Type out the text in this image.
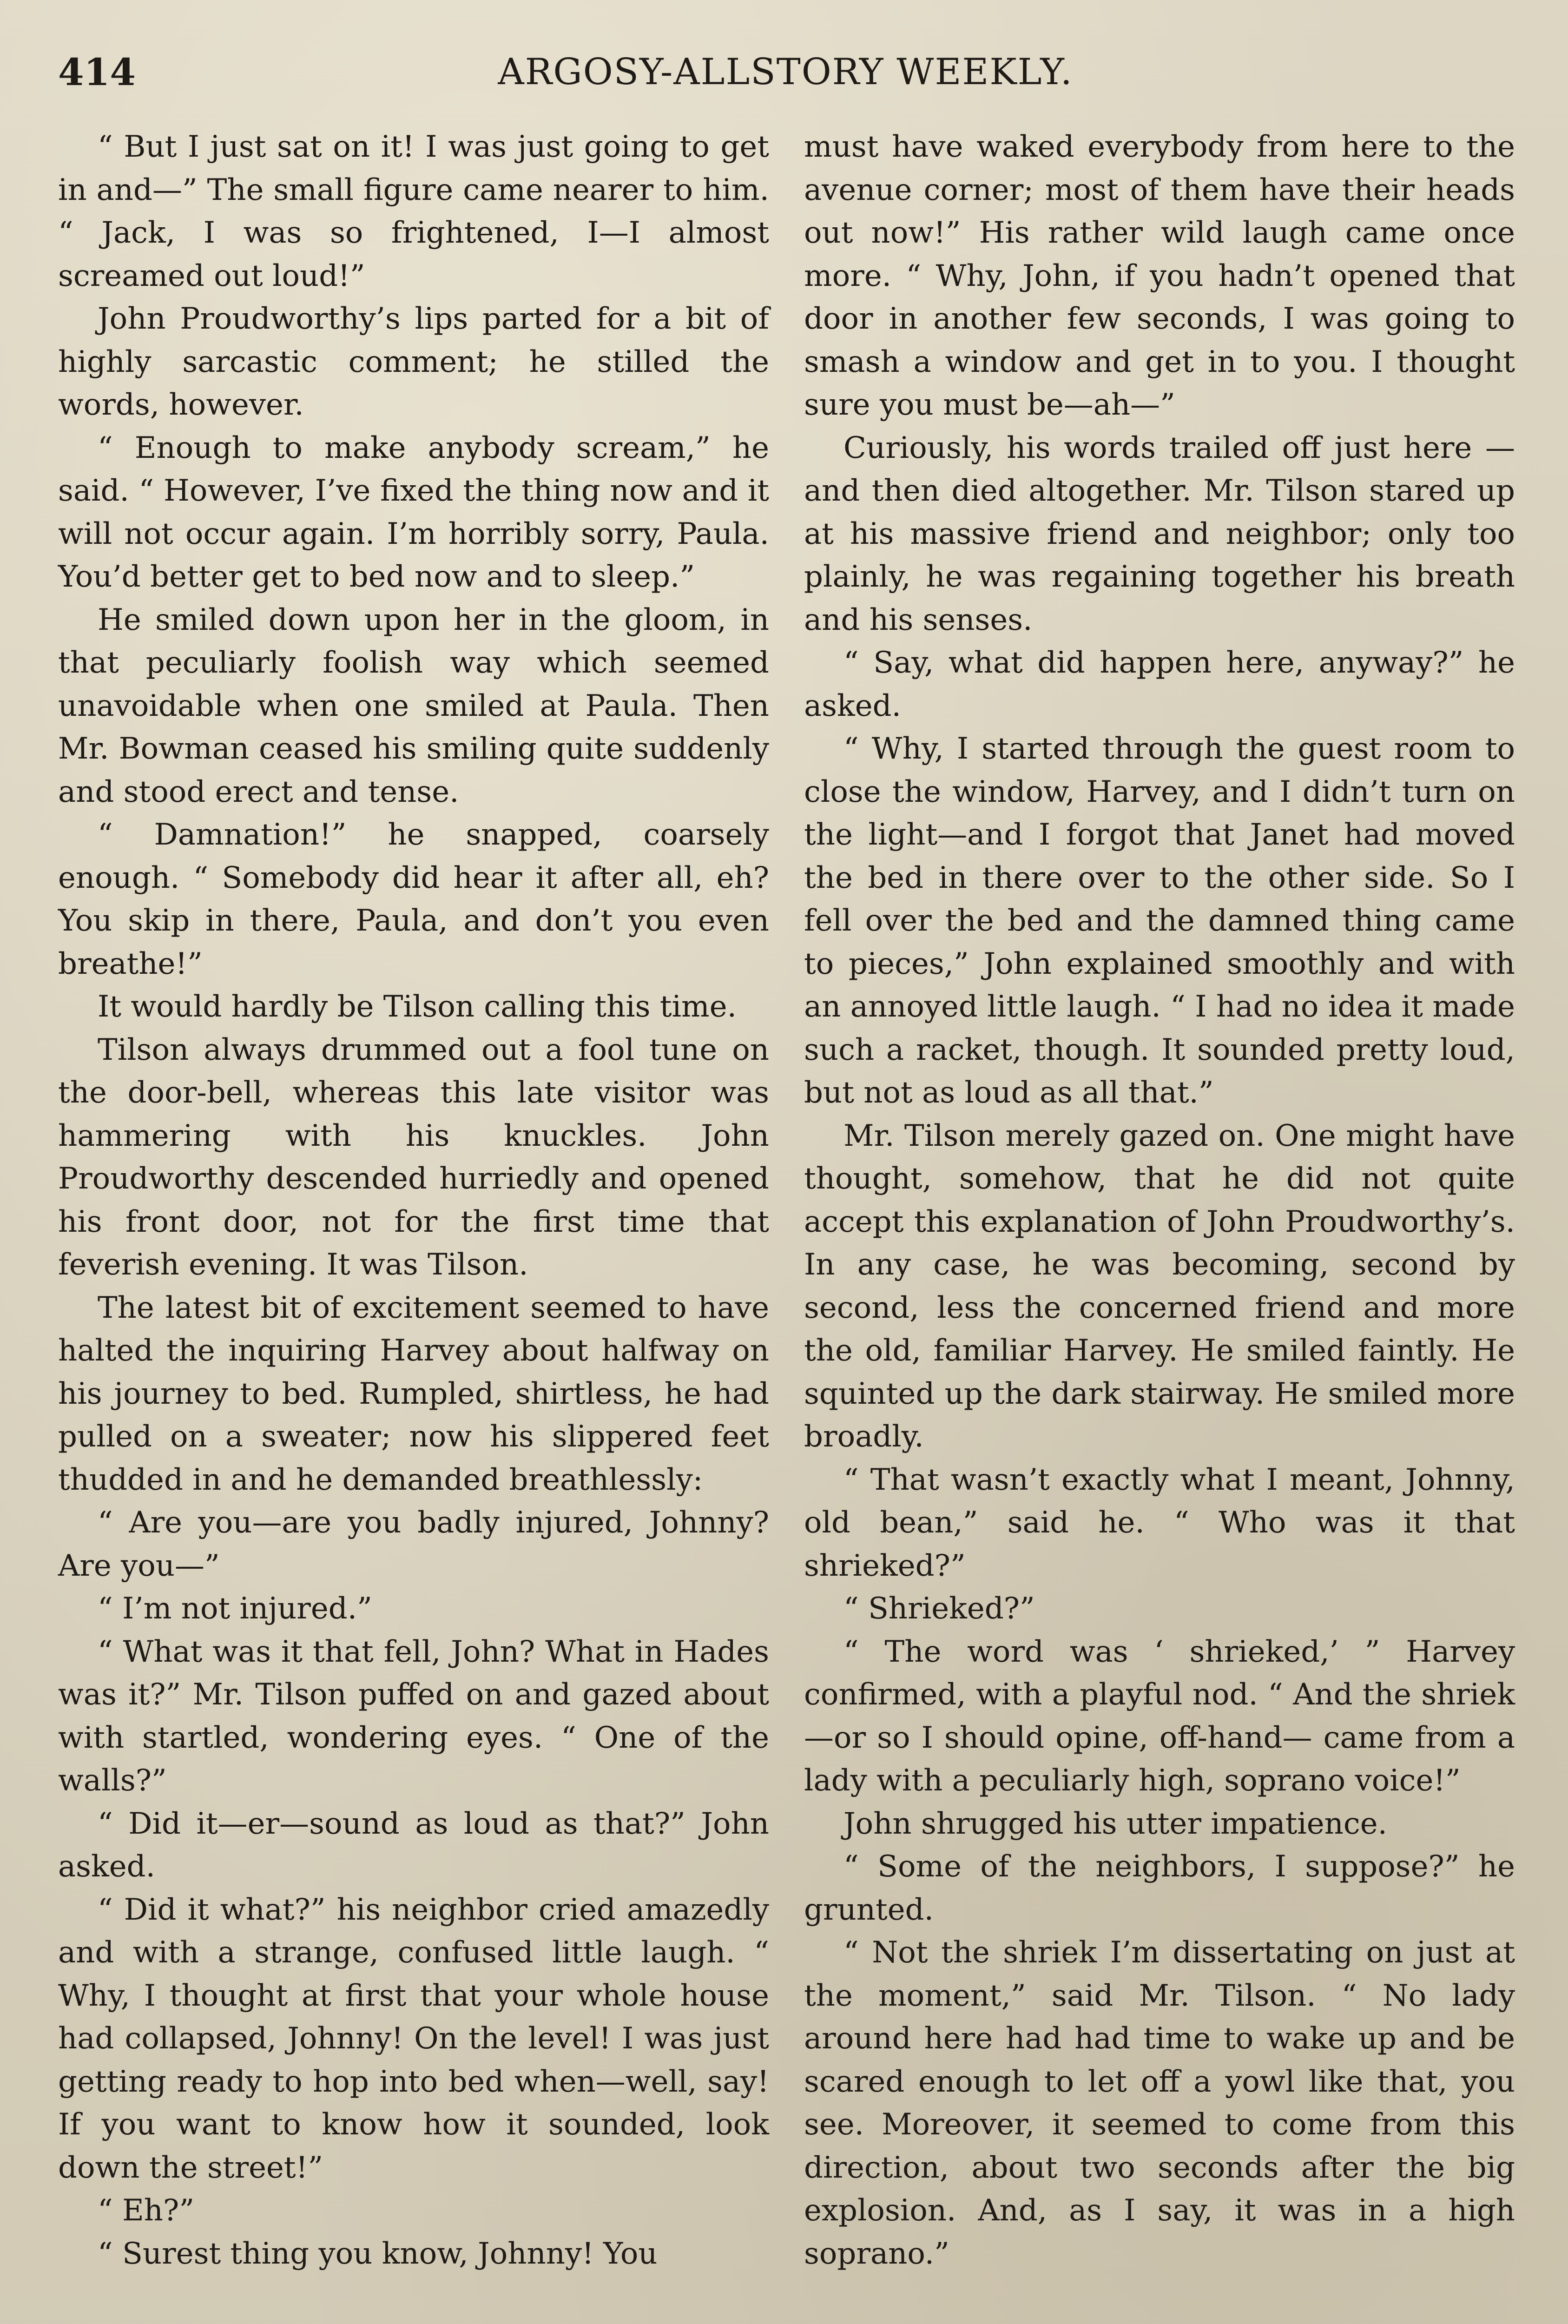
414	ARGOSY-ALLSTORY WEEKLY.

“ But I just sat on it! I was just going to get in and—” The small figure came nearer to him. “ Jack, I was so frightened, I—I almost screamed out loud!”

John Proudworthy’s lips parted for a bit of highly sarcastic comment; he stilled the words, however.

“ Enough to make anybody scream,” he said. “ However, I’ve fixed the thing now and it will not occur again. I’m horribly sorry, Paula. You’d better get to bed now and to sleep.”

He smiled down upon her in the gloom, in that peculiarly foolish way which seemed unavoidable when one smiled at Paula. Then Mr. Bowman ceased his smiling quite suddenly and stood erect and tense.

“ Damnation!” he snapped, coarsely enough. “ Somebody did hear it after all, eh? You skip in there, Paula, and don’t you even breathe!”

It would hardly be Tilson calling this time.

Tilson always drummed out a fool tune on the door-bell, whereas this late visitor was hammering with his knuckles. John Proudworthy descended hurriedly and opened his front door, not for the first time that feverish evening. It was Tilson.

The latest bit of excitement seemed to have halted the inquiring Harvey about halfway on his journey to bed. Rumpled, shirtless, he had pulled on a sweater; now his slippered feet thudded in and he demanded breathlessly:

“ Are you—are you badly injured, Johnny? Are you—”

“ I’m not injured.”

“ What was it that fell, John? What in Hades was it?” Mr. Tilson puffed on and gazed about with startled, wondering eyes. “ One of the walls?”

“ Did it—er—sound as loud as that?” John asked.

“ Did it what?” his neighbor cried amazedly and with a strange, confused little laugh. “ Why, I thought at first that your whole house had collapsed, Johnny! On the level! I was just getting ready to hop into bed when—well, say! If you want to know how it sounded, look down the street!”

“ Eh?”

“ Surest thing you know, Johnny! You

must have waked everybody from here to the avenue corner; most of them have their heads out now!” His rather wild laugh came once more. “ Why, John, if you hadn’t opened that door in another few seconds, I was going to smash a window and get in to you. I thought sure you must be—ah—”

Curiously, his words trailed off just here —and then died altogether. Mr. Tilson stared up at his massive friend and neighbor; only too plainly, he was regaining together his breath and his senses.

“ Say, what did happen here, anyway?” he asked.

“ Why, I started through the guest room to close the window, Harvey, and I didn’t turn on the light—and I forgot that Janet had moved the bed in there over to the other side. So I fell over the bed and the damned thing came to pieces,” John explained smoothly and with an annoyed little laugh. “ I had no idea it made such a racket, though. It sounded pretty loud, but not as loud as all that.”

Mr. Tilson merely gazed on. One might have thought, somehow, that he did not quite accept this explanation of John Proudworthy’s. In any case, he was becoming, second by second, less the concerned friend and more the old, familiar Harvey. He smiled faintly. He squinted up the dark stairway. He smiled more broadly.

“ That wasn’t exactly what I meant, Johnny, old bean,” said he. “ Who was it that shrieked?”

“ Shrieked?”

“ The word was ‘ shrieked,’ ” Harvey confirmed, with a playful nod. “ And the shriek—or so I should opine, off-hand— came from a lady with a peculiarly high, soprano voice!”

John shrugged his utter impatience.

“ Some of the neighbors, I suppose?” he grunted.

“ Not the shriek I’m dissertating on just at the moment,” said Mr. Tilson. “ No lady around here had had time to wake up and be scared enough to let off a yowl like that, you see. Moreover, it seemed to come from this direction, about two seconds after the big explosion. And, as I say, it was in a high soprano.”
